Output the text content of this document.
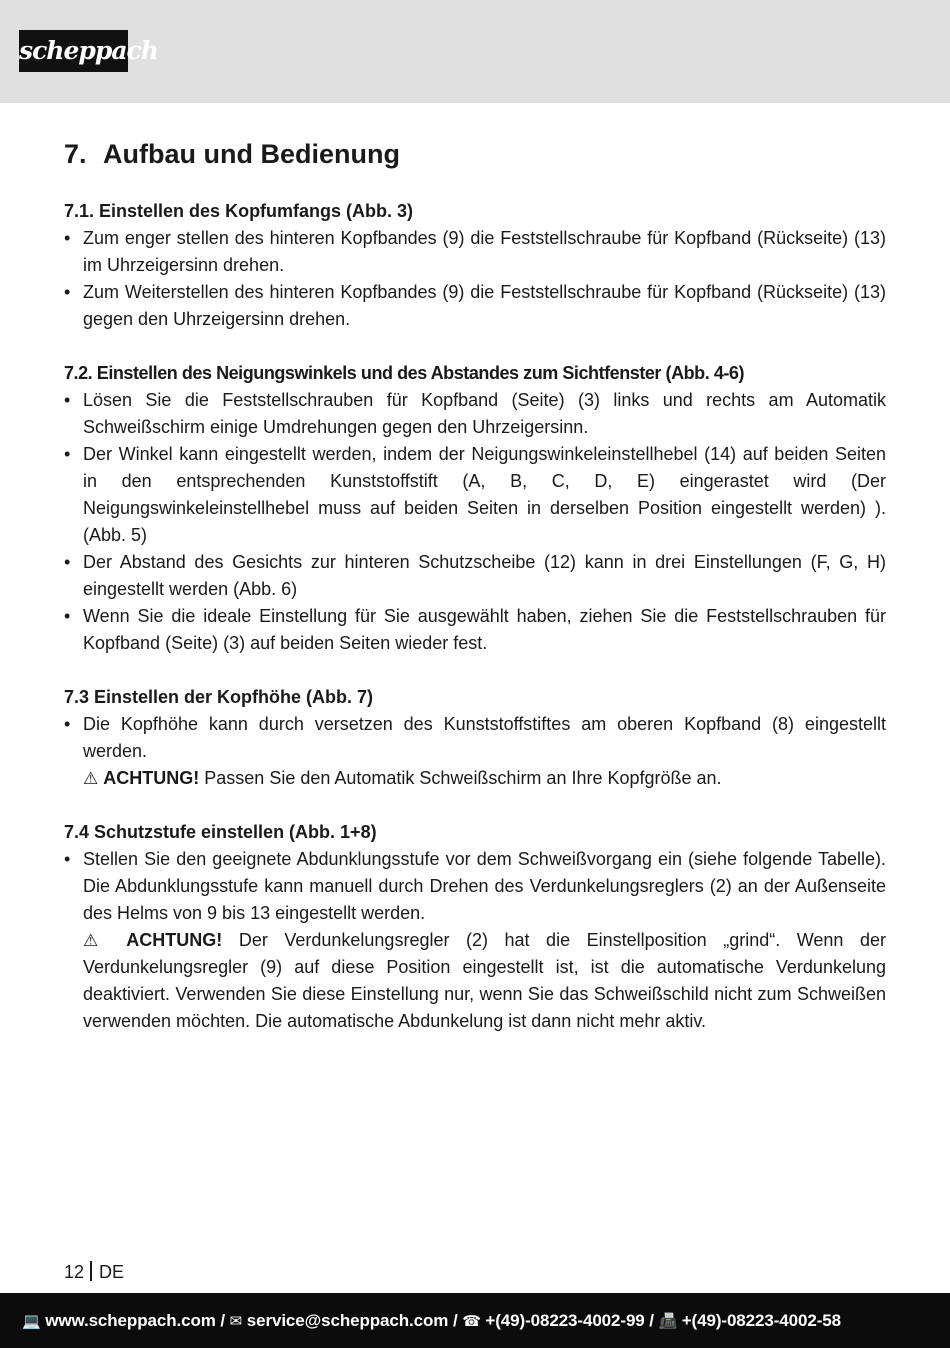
scheppach
7. Aufbau und Bedienung
7.1. Einstellen des Kopfumfangs (Abb. 3)
• Zum enger stellen des hinteren Kopfbandes (9) die Feststellschraube für Kopfband (Rückseite) (13) im Uhrzeigersinn drehen.
• Zum Weiterstellen des hinteren Kopfbandes (9) die Feststellschraube für Kopfband (Rückseite) (13) gegen den Uhrzeigersinn drehen.
7.2. Einstellen des Neigungswinkels und des Abstandes zum Sichtfenster (Abb. 4-6)
• Lösen Sie die Feststellschrauben für Kopfband (Seite) (3) links und rechts am Automatik Schweißschirm einige Umdrehungen gegen den Uhrzeigersinn.
• Der Winkel kann eingestellt werden, indem der Neigungswinkeleinstellhebel (14) auf beiden Seiten in den entsprechenden Kunststoffstift (A, B, C, D, E) eingerastet wird (Der Neigungswinkeleinstellhebel muss auf beiden Seiten in derselben Position eingestellt werden) ). (Abb. 5)
• Der Abstand des Gesichts zur hinteren Schutzscheibe (12) kann in drei Einstellungen (F, G, H) eingestellt werden (Abb. 6)
• Wenn Sie die ideale Einstellung für Sie ausgewählt haben, ziehen Sie die Feststellschrauben für Kopfband (Seite) (3) auf beiden Seiten wieder fest.
7.3 Einstellen der Kopfhöhe (Abb. 7)
• Die Kopfhöhe kann durch versetzen des Kunststoffstiftes am oberen Kopfband (8) eingestellt werden.
⚠ ACHTUNG! Passen Sie den Automatik Schweißschirm an Ihre Kopfgröße an.
7.4 Schutzstufe einstellen (Abb. 1+8)
• Stellen Sie den geeignete Abdunklungsstufe vor dem Schweißvorgang ein (siehe folgende Tabelle). Die Abdunklungsstufe kann manuell durch Drehen des Verdunkelungsreglers (2) an der Außenseite des Helms von 9 bis 13 eingestellt werden.
⚠ ACHTUNG! Der Verdunkelungsregler (2) hat die Einstellposition „grind“. Wenn der Verdunkelungsregler (9) auf diese Position eingestellt ist, ist die automatische Verdunkelung deaktiviert. Verwenden Sie diese Einstellung nur, wenn Sie das Schweißschild nicht zum Schweißen verwenden möchten. Die automatische Abdunkelung ist dann nicht mehr aktiv.
12 DE
💻 www.scheppach.com / ✉ service@scheppach.com / ☎ +(49)-08223-4002-99 / 📠 +(49)-08223-4002-58
